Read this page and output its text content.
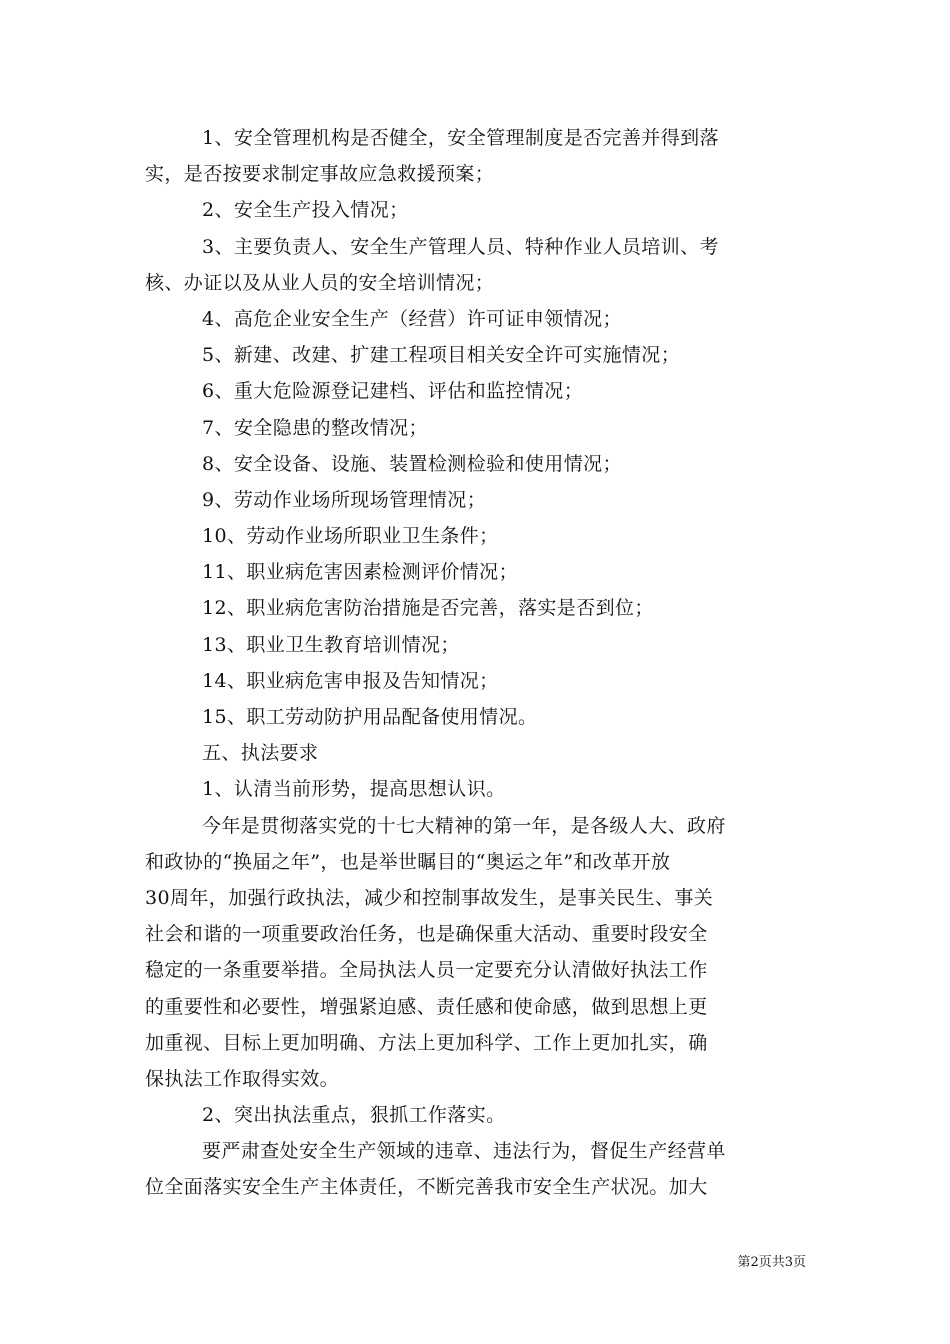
1、安全管理机构是否健全，安全管理制度是否完善并得到落
实，是否按要求制定事故应急救援预案；
2、安全生产投入情况；
3、主要负责人、安全生产管理人员、特种作业人员培训、考
核、办证以及从业人员的安全培训情况；
4、高危企业安全生产（经营）许可证申领情况；
5、新建、改建、扩建工程项目相关安全许可实施情况；
6、重大危险源登记建档、评估和监控情况；
7、安全隐患的整改情况；
8、安全设备、设施、装置检测检验和使用情况；
9、劳动作业场所现场管理情况；
10、劳动作业场所职业卫生条件；
11、职业病危害因素检测评价情况；
12、职业病危害防治措施是否完善，落实是否到位；
13、职业卫生教育培训情况；
14、职业病危害申报及告知情况；
15、职工劳动防护用品配备使用情况。
五、执法要求
1、认清当前形势，提高思想认识。
今年是贯彻落实党的十七大精神的第一年，是各级人大、政府
和政协的“换届之年”，也是举世瞩目的“奥运之年”和改革开放
30周年，加强行政执法，减少和控制事故发生，是事关民生、事关
社会和谐的一项重要政治任务，也是确保重大活动、重要时段安全
稳定的一条重要举措。全局执法人员一定要充分认清做好执法工作
的重要性和必要性，增强紧迫感、责任感和使命感，做到思想上更
加重视、目标上更加明确、方法上更加科学、工作上更加扎实，确
保执法工作取得实效。
2、突出执法重点，狠抓工作落实。
要严肃查处安全生产领域的违章、违法行为，督促生产经营单
位全面落实安全生产主体责任，不断完善我市安全生产状况。加大
第2页共3页
